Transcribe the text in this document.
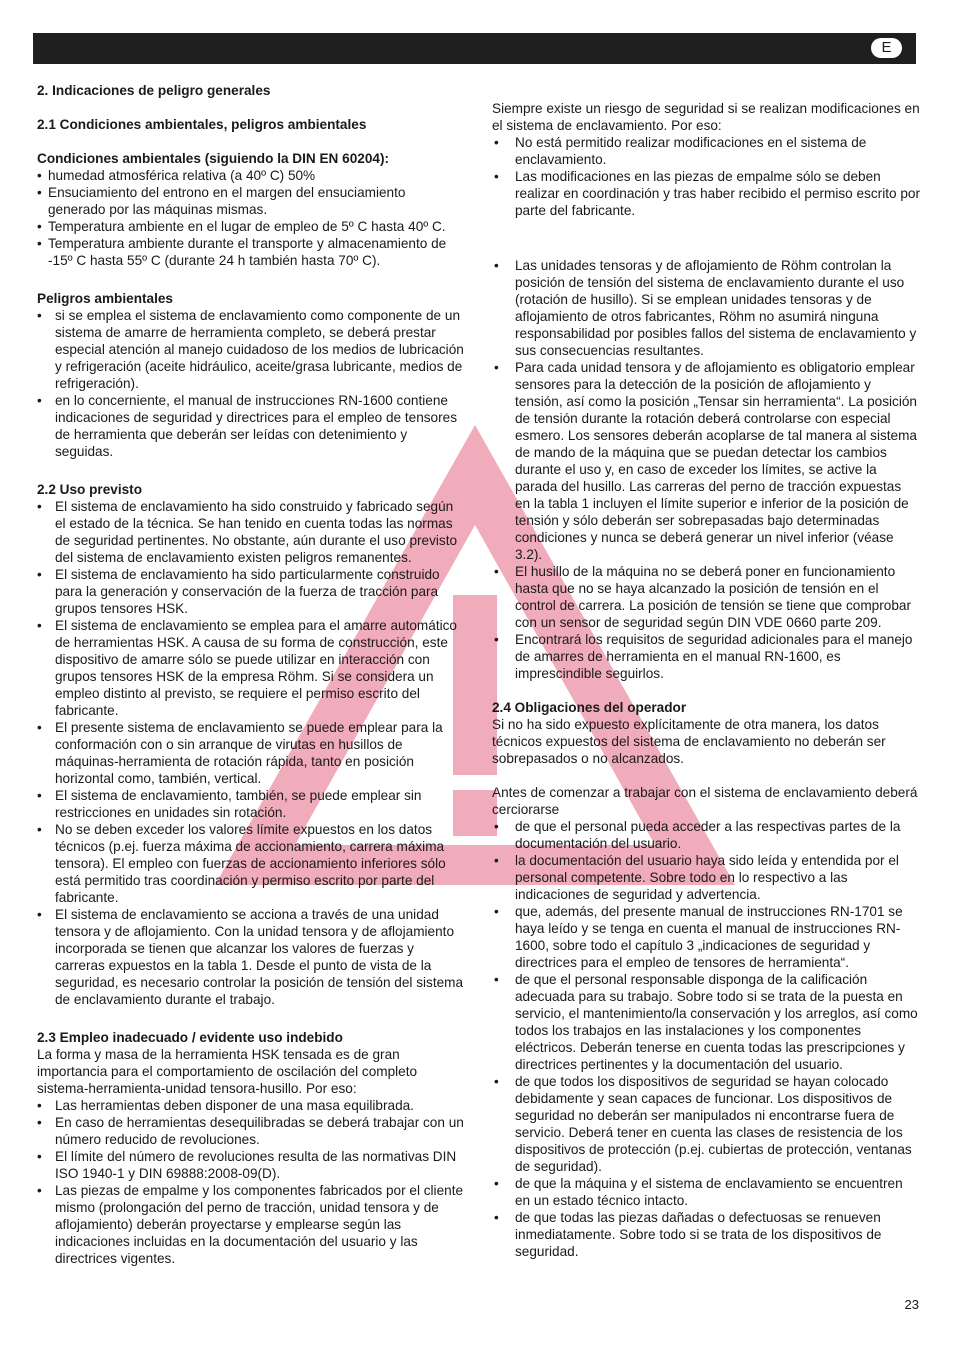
E

2. Indicaciones de peligro generales

2.1 Condiciones ambientales, peligros ambientales

Condiciones ambientales (siguiendo la DIN EN 60204):

• humedad atmosférica relativa (a 40º C) 50%
• Ensuciamiento del entrono en el margen del ensuciamiento generado por las máquinas mismas.
• Temperatura ambiente en el lugar de empleo de 5º C hasta 40º C.
• Temperatura ambiente durante el transporte y almacenamiento de -15º C hasta 55º C (durante 24 h también hasta 70º C).

Peligros ambientales

• si se emplea el sistema de enclavamiento como componente de un sistema de amarre de herramienta completo, se deberá prestar especial atención al manejo cuidadoso de los medios de lubricación y refrigeración (aceite hidráulico, aceite/grasa lubricante, medios de refrigeración).
• en lo concerniente, el manual de instrucciones RN-1600 contiene indicaciones de seguridad y directrices para el empleo de tensores de herramienta que deberán ser leídas con detenimiento y seguidas.

2.2 Uso previsto

• El sistema de enclavamiento ha sido construido y fabricado según el estado de la técnica. Se han tenido en cuenta todas las normas de seguridad pertinentes. No obstante, aún durante el uso previsto del sistema de enclavamiento existen peligros remanentes.
• El sistema de enclavamiento ha sido particularmente construido para la generación y conservación de la fuerza de tracción para grupos tensores HSK.
• El sistema de enclavamiento se emplea para el amarre automático de herramientas HSK. A causa de su forma de construcción, este dispositivo de amarre sólo se puede utilizar en interacción con grupos tensores HSK de la empresa Röhm. Si se considera un empleo distinto al previsto, se requiere el permiso escrito del fabricante.
• El presente sistema de enclavamiento se puede emplear para la conformación con o sin arranque de virutas en husillos de máquinas-herramienta de rotación rápida, tanto en posición horizontal como, también, vertical.
• El sistema de enclavamiento, también, se puede emplear sin restricciones en unidades sin rotación.
• No se deben exceder los valores límite expuestos en los datos técnicos (p.ej. fuerza máxima de accionamiento, carrera máxima tensora). El empleo con fuerzas de accionamiento inferiores sólo está permitido tras coordinación y permiso escrito por parte del fabricante.
• El sistema de enclavamiento se acciona a través de una unidad tensora y de aflojamiento. Con la unidad tensora y de aflojamiento incorporada se tienen que alcanzar los valores de fuerzas y carreras expuestos en la tabla 1. Desde el punto de vista de la seguridad, es necesario controlar la posición de tensión del sistema de enclavamiento durante el trabajo.

2.3 Empleo inadecuado / evidente uso indebido

La forma y masa de la herramienta HSK tensada es de gran importancia para el comportamiento de oscilación del completo sistema-herramienta-unidad tensora-husillo. Por eso:

• Las herramientas deben disponer de una masa equilibrada.
• En caso de herramientas desequilibradas se deberá trabajar con un número reducido de revoluciones.
• El límite del número de revoluciones resulta de las normativas DIN ISO 1940-1 y DIN 69888:2008-09(D).
• Las piezas de empalme y los componentes fabricados por el cliente mismo (prolongación del perno de tracción, unidad tensora y de aflojamiento) deberán proyectarse y emplearse según las indicaciones incluidas en la documentación del usuario y las directrices vigentes.

Siempre existe un riesgo de seguridad si se realizan modificaciones en el sistema de enclavamiento. Por eso:

• No está permitido realizar modificaciones en el sistema de enclavamiento.
• Las modificaciones en las piezas de empalme sólo se deben realizar en coordinación y tras haber recibido el permiso escrito por parte del fabricante.
• Las unidades tensoras y de aflojamiento de Röhm controlan la posición de tensión del sistema de enclavamiento durante el uso (rotación de husillo). Si se emplean unidades tensoras y de aflojamiento de otros fabricantes, Röhm no asumirá ninguna responsabilidad por posibles fallos del sistema de enclavamiento y sus consecuencias resultantes.
• Para cada unidad tensora y de aflojamiento es obligatorio emplear sensores para la detección de la posición de aflojamiento y tensión, así como la posición „Tensar sin herramienta“. La posición de tensión durante la rotación deberá controlarse con especial esmero. Los sensores deberán acoplarse de tal manera al sistema de mando de la máquina que se puedan detectar los cambios durante el uso y, en caso de exceder los límites, se active la parada del husillo. Las carreras del perno de tracción expuestas en la tabla 1 incluyen el límite superior e inferior de la posición de tensión y sólo deberán ser sobrepasadas bajo determinadas condiciones y nunca se deberá generar un nivel inferior (véase 3.2).
• El husillo de la máquina no se deberá poner en funcionamiento hasta que no se haya alcanzado la posición de tensión en el control de carrera. La posición de tensión se tiene que comprobar con un sensor de seguridad según DIN VDE 0660 parte 209.
• Encontrará los requisitos de seguridad adicionales para el manejo de amarres de herramienta en el manual RN-1600, es imprescindible seguirlos.

2.4 Obligaciones del operador

Si no ha sido expuesto explícitamente de otra manera, los datos técnicos expuestos del sistema de enclavamiento no deberán ser sobrepasados o no alcanzados.

Antes de comenzar a trabajar con el sistema de enclavamiento deberá cerciorarse

• de que el personal pueda acceder a las respectivas partes de la documentación del usuario.
• la documentación del usuario haya sido leída y entendida por el personal competente. Sobre todo en lo respectivo a las indicaciones de seguridad y advertencia.
• que, además, del presente manual de instrucciones RN-1701 se haya leído y se tenga en cuenta el manual de instrucciones RN-1600, sobre todo el capítulo 3 „indicaciones de seguridad y directrices para el empleo de tensores de herramienta“.
• de que el personal responsable disponga de la calificación adecuada para su trabajo. Sobre todo si se trata de la puesta en servicio, el mantenimiento/la conservación y los arreglos, así como todos los trabajos en las instalaciones y los componentes eléctricos. Deberán tenerse en cuenta todas las prescripciones y directrices pertinentes y la documentación del usuario.
• de que todos los dispositivos de seguridad se hayan colocado debidamente y sean capaces de funcionar. Los dispositivos de seguridad no deberán ser manipulados ni encontrarse fuera de servicio. Deberá tener en cuenta las clases de resistencia de los dispositivos de protección (p.ej. cubiertas de protección, ventanas de seguridad).
• de que la máquina y el sistema de enclavamiento se encuentren en un estado técnico intacto.
• de que todas las piezas dañadas o defectuosas se renueven inmediatamente. Sobre todo si se trata de los dispositivos de seguridad.
23
